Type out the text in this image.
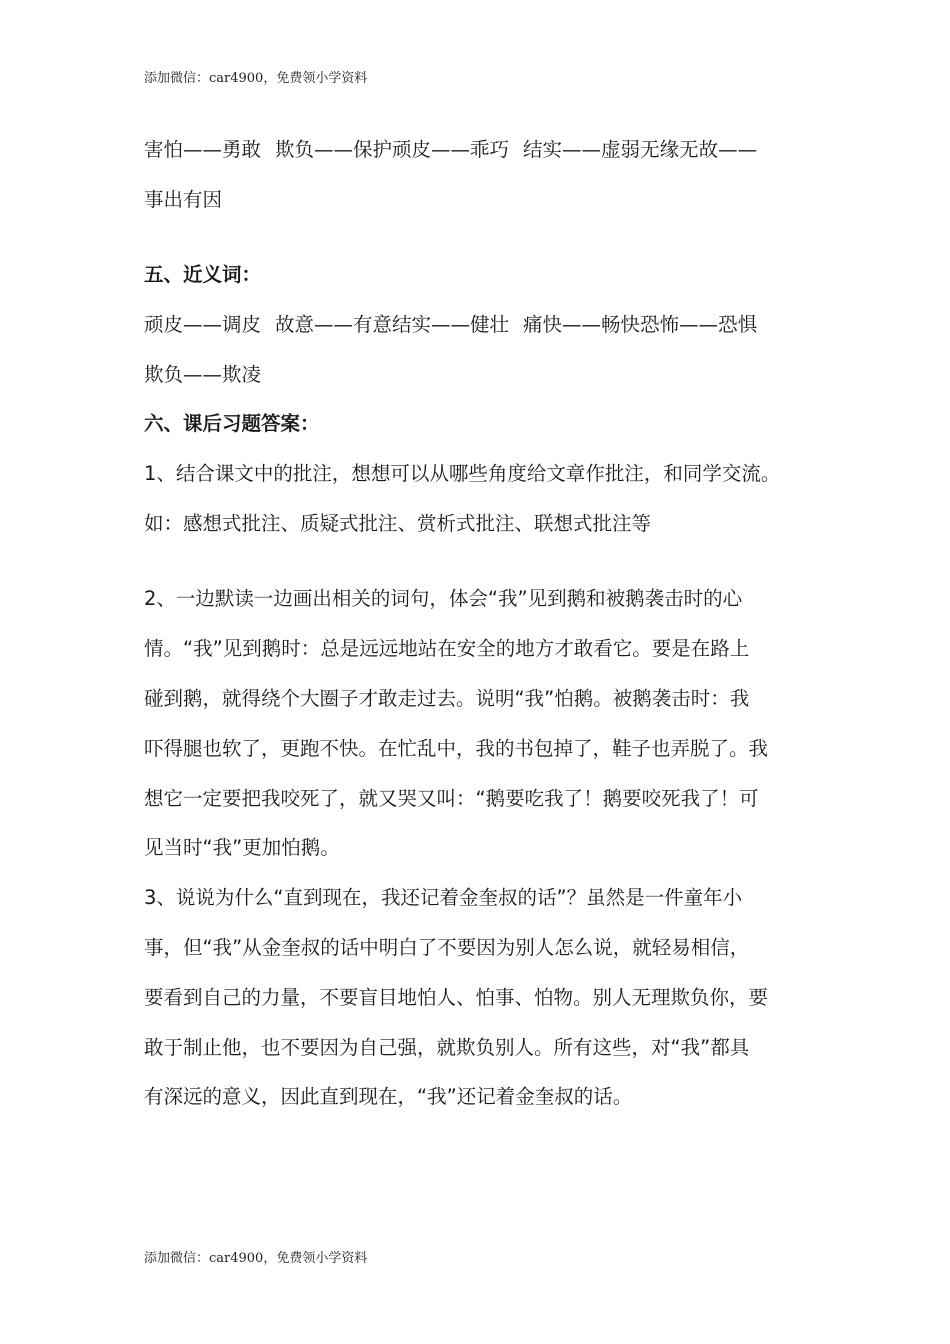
添加微信：car4900，免费领小学资料
害怕——勇敢 欺负——保护顽皮——乖巧 结实——虚弱无缘无故——
事出有因
五、近义词：
顽皮——调皮 故意——有意结实——健壮 痛快——畅快恐怖——恐惧
欺负——欺凌
六、课后习题答案：
1、结合课文中的批注，想想可以从哪些角度给文章作批注，和同学交流。
如：感想式批注、质疑式批注、赏析式批注、联想式批注等
2、一边默读一边画出相关的词句，体会“我”见到鹅和被鹅袭击时的心
情。“我”见到鹅时：总是远远地站在安全的地方才敢看它。要是在路上
碰到鹅，就得绕个大圈子才敢走过去。说明“我”怕鹅。被鹅袭击时：我
吓得腿也软了，更跑不快。在忙乱中，我的书包掉了，鞋子也弄脱了。我
想它一定要把我咬死了，就又哭又叫：“鹅要吃我了！鹅要咬死我了！可
见当时“我”更加怕鹅。
3、说说为什么“直到现在，我还记着金奎叔的话”？虽然是一件童年小
事，但“我”从金奎叔的话中明白了不要因为别人怎么说，就轻易相信，
要看到自己的力量，不要盲目地怕人、怕事、怕物。别人无理欺负你，要
敢于制止他，也不要因为自己强，就欺负别人。所有这些，对“我”都具
有深远的意义，因此直到现在，“我”还记着金奎叔的话。
添加微信：car4900，免费领小学资料
